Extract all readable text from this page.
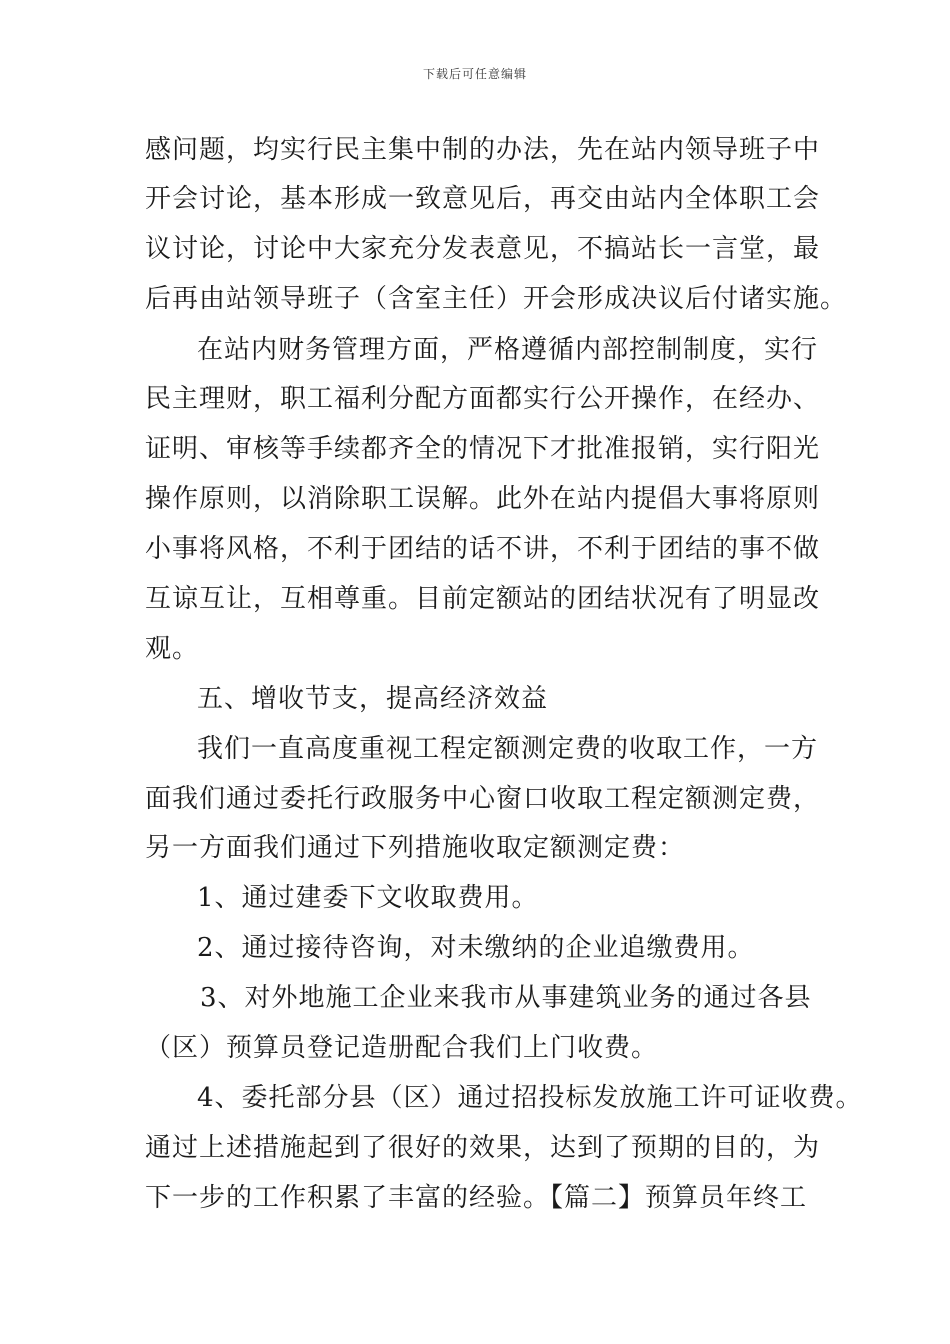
下载后可任意编辑
感问题，均实行民主集中制的办法，先在站内领导班子中
开会讨论，基本形成一致意见后，再交由站内全体职工会
议讨论，讨论中大家充分发表意见，不搞站长一言堂，最
后再由站领导班子（含室主任）开会形成决议后付诸实施。
在站内财务管理方面，严格遵循内部控制制度，实行
民主理财，职工福利分配方面都实行公开操作，在经办、
证明、审核等手续都齐全的情况下才批准报销，实行阳光
操作原则，以消除职工误解。此外在站内提倡大事将原则
小事将风格，不利于团结的话不讲，不利于团结的事不做
互谅互让，互相尊重。目前定额站的团结状况有了明显改
观。
五、增收节支，提高经济效益
我们一直高度重视工程定额测定费的收取工作，一方
面我们通过委托行政服务中心窗口收取工程定额测定费，
另一方面我们通过下列措施收取定额测定费：
1、通过建委下文收取费用。
2、通过接待咨询，对未缴纳的企业追缴费用。
3、对外地施工企业来我市从事建筑业务的通过各县
（区）预算员登记造册配合我们上门收费。
4、委托部分县（区）通过招投标发放施工许可证收费。
通过上述措施起到了很好的效果，达到了预期的目的，为
下一步的工作积累了丰富的经验。【篇二】预算员年终工
